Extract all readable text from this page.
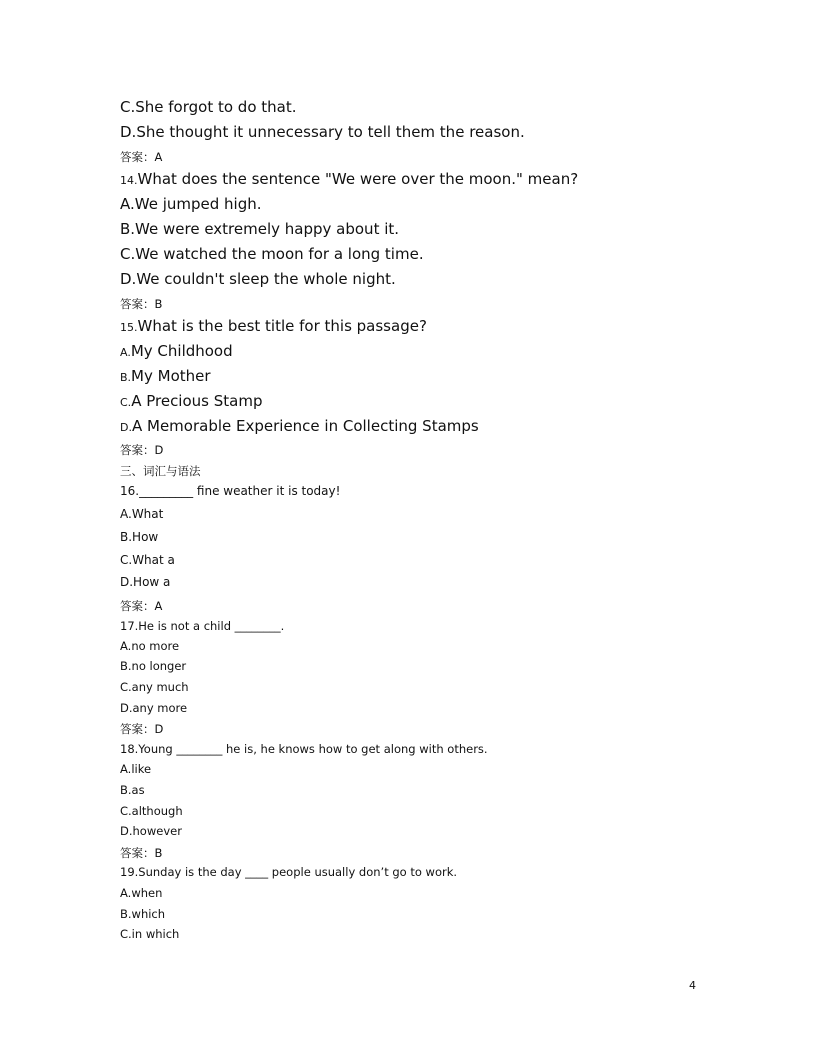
C.She forgot to do that.
D.She thought it unnecessary to tell them the reason.
答案：A
14.What does the sentence "We were over the moon." mean?
A.We jumped high.
B.We were extremely happy about it.
C.We watched the moon for a long time.
D.We couldn't sleep the whole night.
答案：B
15.What is the best title for this passage?
A.My Childhood
B.My Mother
C.A Precious Stamp
D.A Memorable Experience in Collecting Stamps
答案：D
三、词汇与语法
16._________ fine weather it is today!
A.What
B.How
C.What a
D.How a
答案：A
17.He is not a child ________.
A.no more
B.no longer
C.any much
D.any more
答案：D
18.Young ________ he is, he knows how to get along with others.
A.like
B.as
C.although
D.however
答案：B
19.Sunday is the day ____ people usually don’t go to work.
A.when
B.which
C.in which
4
